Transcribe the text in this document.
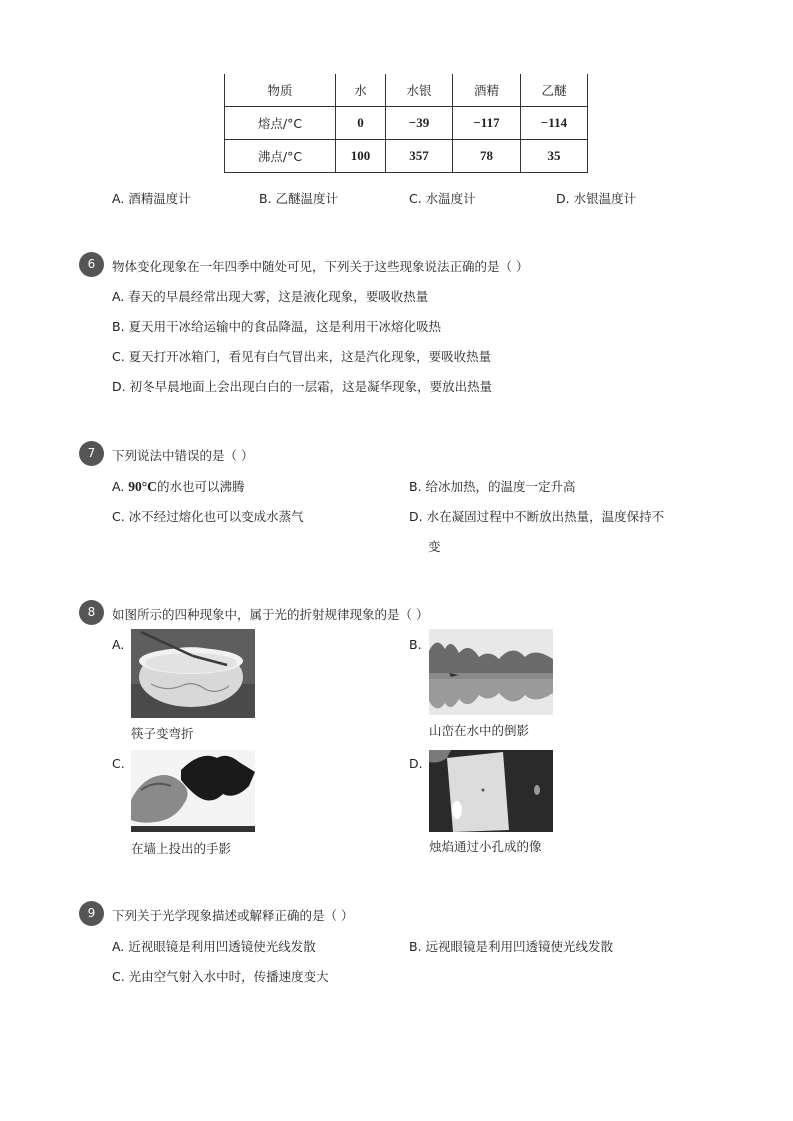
物质	水	水银	酒精	乙醚
熔点/°C	0	−39	−117	−114
沸点/°C	100	357	78	35
A. 酒精温度计	B. 乙醚温度计	C. 水温度计	D. 水银温度计
6	物体变化现象在一年四季中随处可见，下列关于这些现象说法正确的是（ ）
A. 春天的早晨经常出现大雾，这是液化现象，要吸收热量
B. 夏天用干冰给运输中的食品降温，这是利用干冰熔化吸热
C. 夏天打开冰箱门，看见有白气冒出来，这是汽化现象，要吸收热量
D. 初冬早晨地面上会出现白白的一层霜，这是凝华现象，要放出热量
7	下列说法中错误的是（ ）
A. 90°C的水也可以沸腾	B. 给冰加热，的温度一定升高
C. 冰不经过熔化也可以变成水蒸气	D. 水在凝固过程中不断放出热量，温度保持不
变
8	如图所示的四种现象中，属于光的折射规律现象的是（ ）
A.
筷子变弯折
B.
山峦在水中的倒影
C.
在墙上投出的手影
D.
烛焰通过小孔成的像
9	下列关于光学现象描述或解释正确的是（ ）
A. 近视眼镜是利用凹透镜使光线发散	B. 远视眼镜是利用凹透镜使光线发散
C. 光由空气射入水中时，传播速度变大
